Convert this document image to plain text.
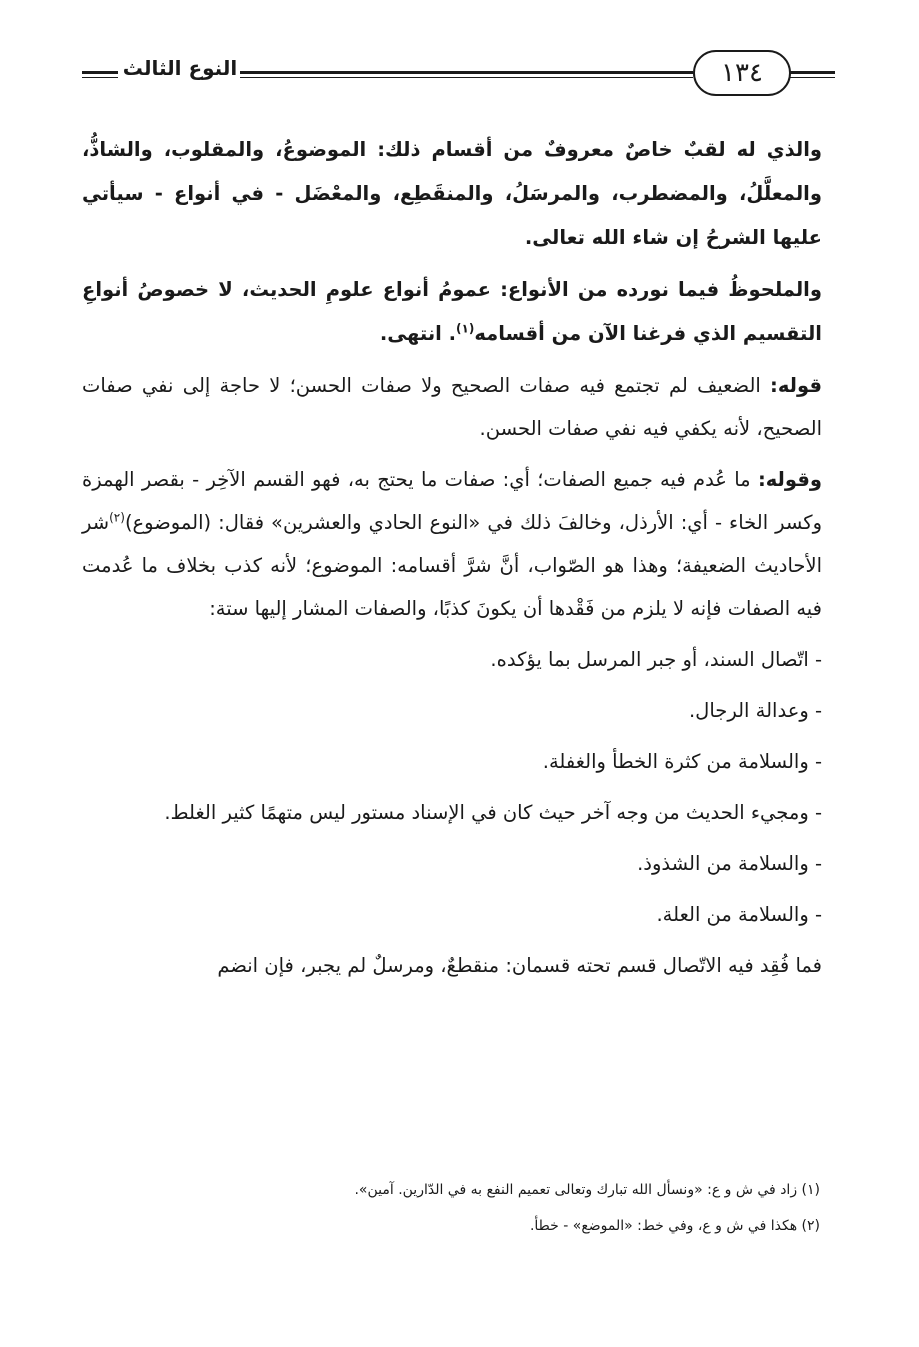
١٣٤
النوع الثالث

والذي له لقبٌ خاصٌ معروفٌ من أقسام ذلك: الموضوعُ، والمقلوب، والشاذُّ، والمعلَّلُ، والمضطرب، والمرسَلُ، والمنقَطِع، والمعْضَل - في أنواع - سيأتي عليها الشرحُ إن شاء الله تعالى.

والملحوظُ فيما نورده من الأنواع: عمومُ أنواع علومِ الحديث، لا خصوصُ أنواعِ التقسيم الذي فرغنا الآن من أقسامه$^{(١)}$. انتهى.

قوله: الضعيف لم تجتمع فيه صفات الصحيح ولا صفات الحسن؛ لا حاجة إلى نفي صفات الصحيح، لأنه يكفي فيه نفي صفات الحسن.

وقوله: ما عُدم فيه جميع الصفات؛ أي: صفات ما يحتج به، فهو القسم الآخِر - بقصر الهمزة وكسر الخاء - أي: الأرذل، وخالفَ ذلك في «النوع الحادي والعشرين» فقال: (الموضوع)$^{(٢)}$شر الأحاديث الضعيفة؛ وهذا هو الصّواب، أنَّ شرَّ أقسامه: الموضوع؛ لأنه كذب بخلاف ما عُدمت فيه الصفات فإنه لا يلزم من فَقْدها أن يكونَ كذبًا، والصفات المشار إليها ستة:

- اتّصال السند، أو جبر المرسل بما يؤكده.
- وعدالة الرجال.
- والسلامة من كثرة الخطأ والغفلة.
- ومجيء الحديث من وجه آخر حيث كان في الإسناد مستور ليس متهمًا كثير الغلط.
- والسلامة من الشذوذ.
- والسلامة من العلة.

فما فُقِد فيه الاتّصال قسم تحته قسمان: منقطعٌ، ومرسلٌ لم يجبر، فإن انضم

(١) زاد في ش و ع: «ونسأل الله تبارك وتعالى تعميم النفع به في الدّارين. آمين».
(٢) هكذا في ش و ع، وفي خط: «الموضع» - خطأ.
